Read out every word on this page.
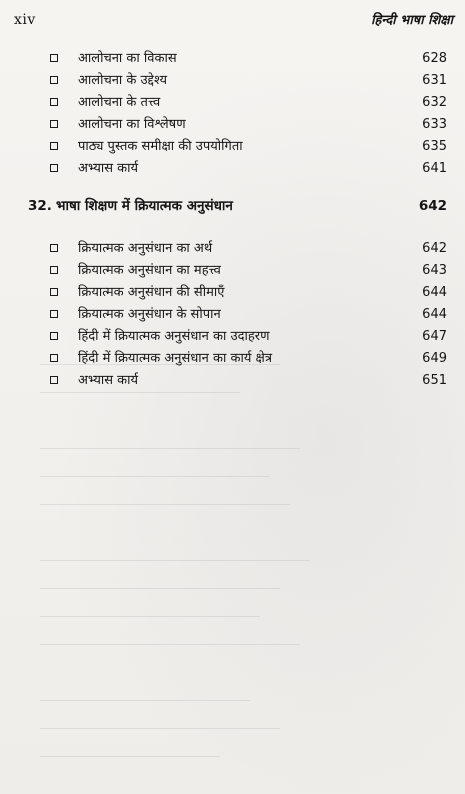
xiv	हिन्दी भाषा शिक्षा
आलोचना का विकास	628
आलोचना के उद्देश्य	631
आलोचना के तत्त्व	632
आलोचना का विश्लेषण	633
पाठ्य पुस्तक समीक्षा की उपयोगिता	635
अभ्यास कार्य	641
32. भाषा शिक्षण में क्रियात्मक अनुसंधान	642
क्रियात्मक अनुसंधान का अर्थ	642
क्रियात्मक अनुसंधान का महत्त्व	643
क्रियात्मक अनुसंधान की सीमाएँ	644
क्रियात्मक अनुसंधान के सोपान	644
हिंदी में क्रियात्मक अनुसंधान का उदाहरण	647
हिंदी में क्रियात्मक अनुसंधान का कार्य क्षेत्र	649
अभ्यास कार्य	651
